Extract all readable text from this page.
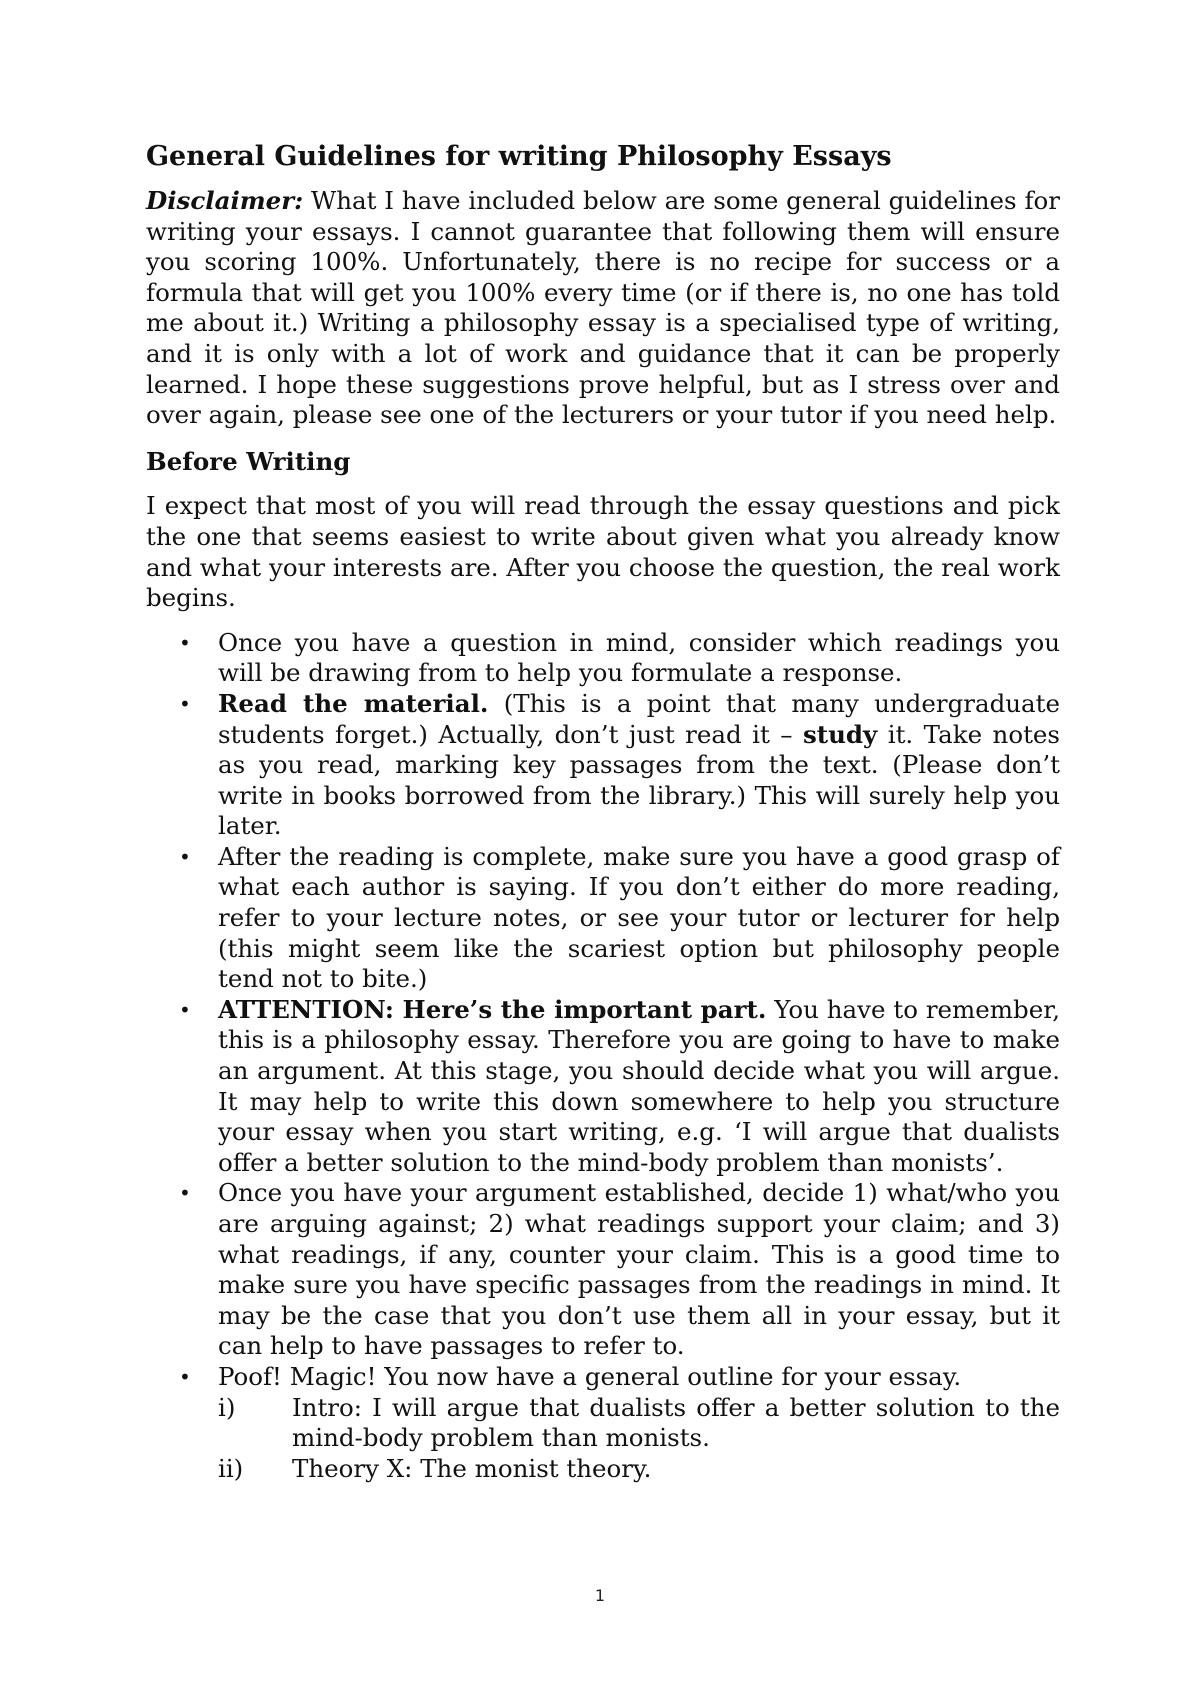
General Guidelines for writing Philosophy Essays

Disclaimer: What I have included below are some general guidelines for writing your essays. I cannot guarantee that following them will ensure you scoring 100%. Unfortunately, there is no recipe for success or a formula that will get you 100% every time (or if there is, no one has told me about it.) Writing a philosophy essay is a specialised type of writing, and it is only with a lot of work and guidance that it can be properly learned. I hope these suggestions prove helpful, but as I stress over and over again, please see one of the lecturers or your tutor if you need help.

Before Writing

I expect that most of you will read through the essay questions and pick the one that seems easiest to write about given what you already know and what your interests are. After you choose the question, the real work begins.

• Once you have a question in mind, consider which readings you will be drawing from to help you formulate a response.
• Read the material. (This is a point that many undergraduate students forget.) Actually, don’t just read it – study it. Take notes as you read, marking key passages from the text. (Please don’t write in books borrowed from the library.) This will surely help you later.
• After the reading is complete, make sure you have a good grasp of what each author is saying. If you don’t either do more reading, refer to your lecture notes, or see your tutor or lecturer for help (this might seem like the scariest option but philosophy people tend not to bite.)
• ATTENTION: Here’s the important part. You have to remember, this is a philosophy essay. Therefore you are going to have to make an argument. At this stage, you should decide what you will argue. It may help to write this down somewhere to help you structure your essay when you start writing, e.g. ‘I will argue that dualists offer a better solution to the mind-body problem than monists’.
• Once you have your argument established, decide 1) what/who you are arguing against; 2) what readings support your claim; and 3) what readings, if any, counter your claim. This is a good time to make sure you have specific passages from the readings in mind. It may be the case that you don’t use them all in your essay, but it can help to have passages to refer to.
• Poof! Magic! You now have a general outline for your essay.
i) Intro: I will argue that dualists offer a better solution to the mind-body problem than monists.
ii) Theory X: The monist theory.
1
